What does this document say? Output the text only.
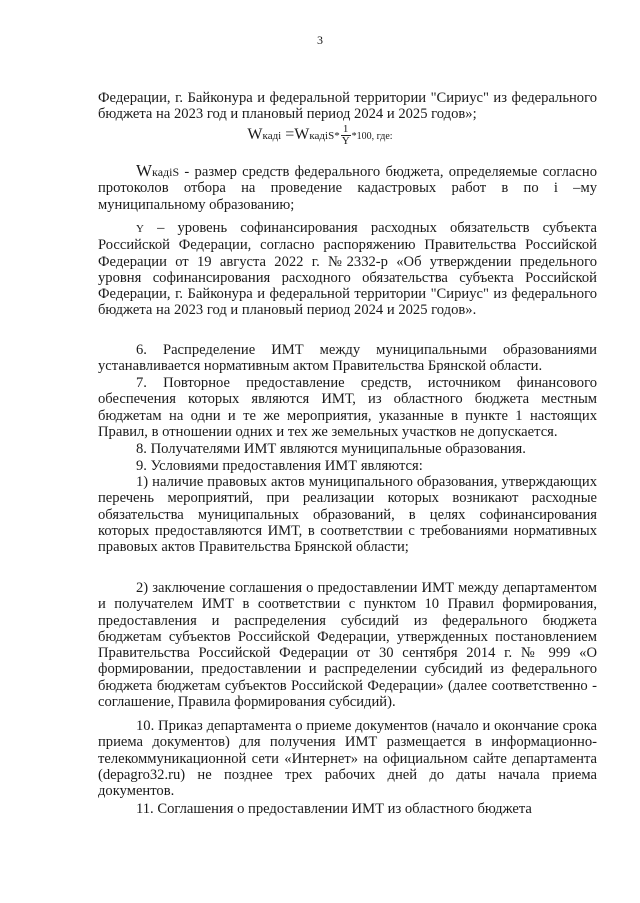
3

Федерации, г. Байконура и федеральной территории "Сириус" из федерального бюджета на 2023 год и плановый период 2024 и 2025 годов»;

Wкадi =WкадiS* $\frac{1}{Y} *100$, где:

WкадiS - размер средств федерального бюджета, определяемые согласно протоколов отбора на проведение кадастровых работ в по i –му муниципальному образованию;

Y – уровень софинансирования расходных обязательств субъекта Российской Федерации, согласно распоряжению Правительства Российской Федерации от 19 августа 2022 г. №2332-р «Об утверждении предельного уровня софинансирования расходного обязательства субъекта Российской Федерации, г. Байконура и федеральной территории "Сириус" из федерального бюджета на 2023 год и плановый период 2024 и 2025 годов».

6. Распределение ИМТ между муниципальными образованиями устанавливается нормативным актом Правительства Брянской области.

7. Повторное предоставление средств, источником финансового обеспечения которых являются ИМТ, из областного бюджета местным бюджетам на одни и те же мероприятия, указанные в пункте 1 настоящих Правил, в отношении одних и тех же земельных участков не допускается.

8. Получателями ИМТ являются муниципальные образования.

9. Условиями предоставления ИМТ являются:

1) наличие правовых актов муниципального образования, утверждающих перечень мероприятий, при реализации которых возникают расходные обязательства муниципальных образований, в целях софинансирования которых предоставляются ИМТ, в соответствии с требованиями нормативных правовых актов Правительства Брянской области;

2) заключение соглашения о предоставлении ИМТ между департаментом и получателем ИМТ в соответствии с пунктом 10 Правил формирования, предоставления и распределения субсидий из федерального бюджета бюджетам субъектов Российской Федерации, утвержденных постановлением Правительства Российской Федерации от 30 сентября 2014 г. № 999 «О формировании, предоставлении и распределении субсидий из федерального бюджета бюджетам субъектов Российской Федерации» (далее соответственно - соглашение, Правила формирования субсидий).

10. Приказ департамента о приеме документов (начало и окончание срока приема документов) для получения ИМТ размещается в информационно-телекоммуникационной сети «Интернет» на официальном сайте департамента (depagro32.ru) не позднее трех рабочих дней до даты начала приема документов.

11. Соглашения о предоставлении ИМТ из областного бюджета
